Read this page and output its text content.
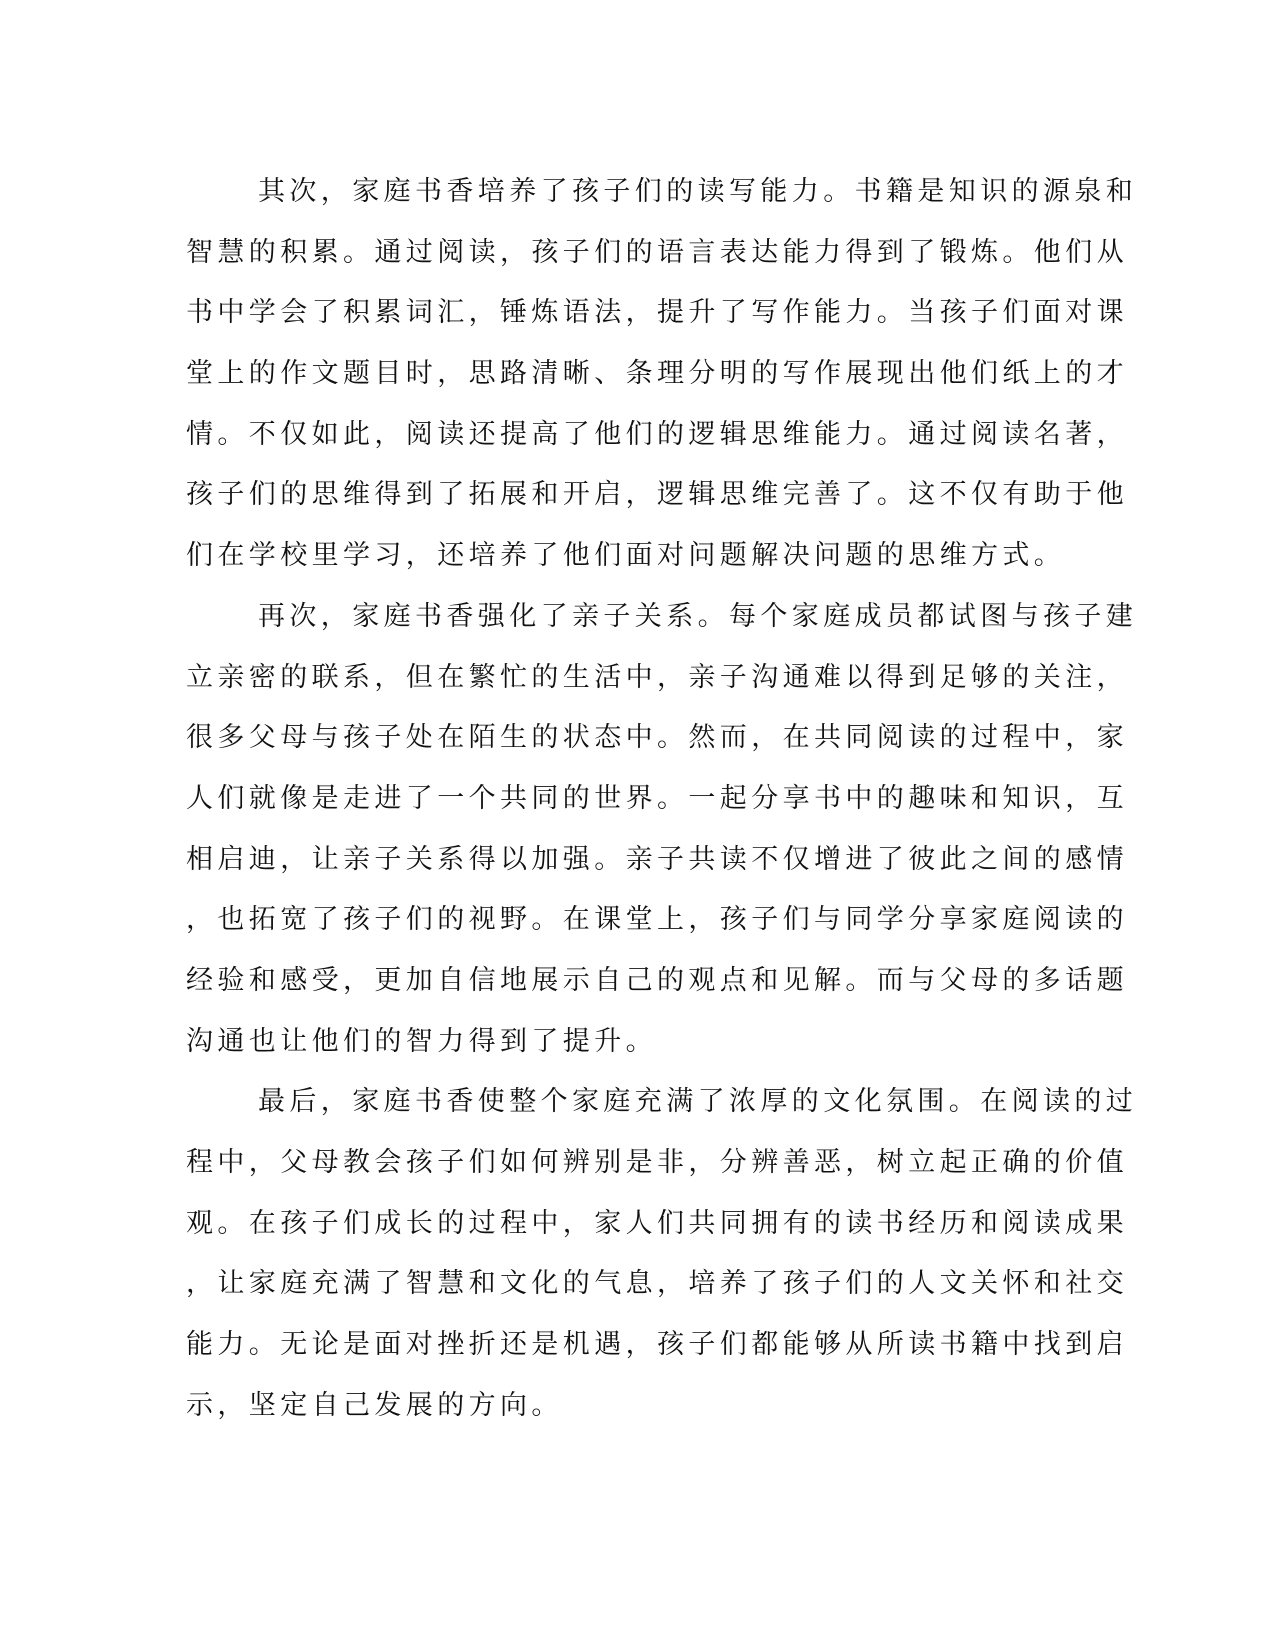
其次，家庭书香培养了孩子们的读写能力。书籍是知识的源泉和
智慧的积累。通过阅读，孩子们的语言表达能力得到了锻炼。他们从
书中学会了积累词汇，锤炼语法，提升了写作能力。当孩子们面对课
堂上的作文题目时，思路清晰、条理分明的写作展现出他们纸上的才
情。不仅如此，阅读还提高了他们的逻辑思维能力。通过阅读名著，
孩子们的思维得到了拓展和开启，逻辑思维完善了。这不仅有助于他
们在学校里学习，还培养了他们面对问题解决问题的思维方式。

再次，家庭书香强化了亲子关系。每个家庭成员都试图与孩子建
立亲密的联系，但在繁忙的生活中，亲子沟通难以得到足够的关注，
很多父母与孩子处在陌生的状态中。然而，在共同阅读的过程中，家
人们就像是走进了一个共同的世界。一起分享书中的趣味和知识，互
相启迪，让亲子关系得以加强。亲子共读不仅增进了彼此之间的感情
，也拓宽了孩子们的视野。在课堂上，孩子们与同学分享家庭阅读的
经验和感受，更加自信地展示自己的观点和见解。而与父母的多话题
沟通也让他们的智力得到了提升。

最后，家庭书香使整个家庭充满了浓厚的文化氛围。在阅读的过
程中，父母教会孩子们如何辨别是非，分辨善恶，树立起正确的价值
观。在孩子们成长的过程中，家人们共同拥有的读书经历和阅读成果
，让家庭充满了智慧和文化的气息，培养了孩子们的人文关怀和社交
能力。无论是面对挫折还是机遇，孩子们都能够从所读书籍中找到启
示，坚定自己发展的方向。
